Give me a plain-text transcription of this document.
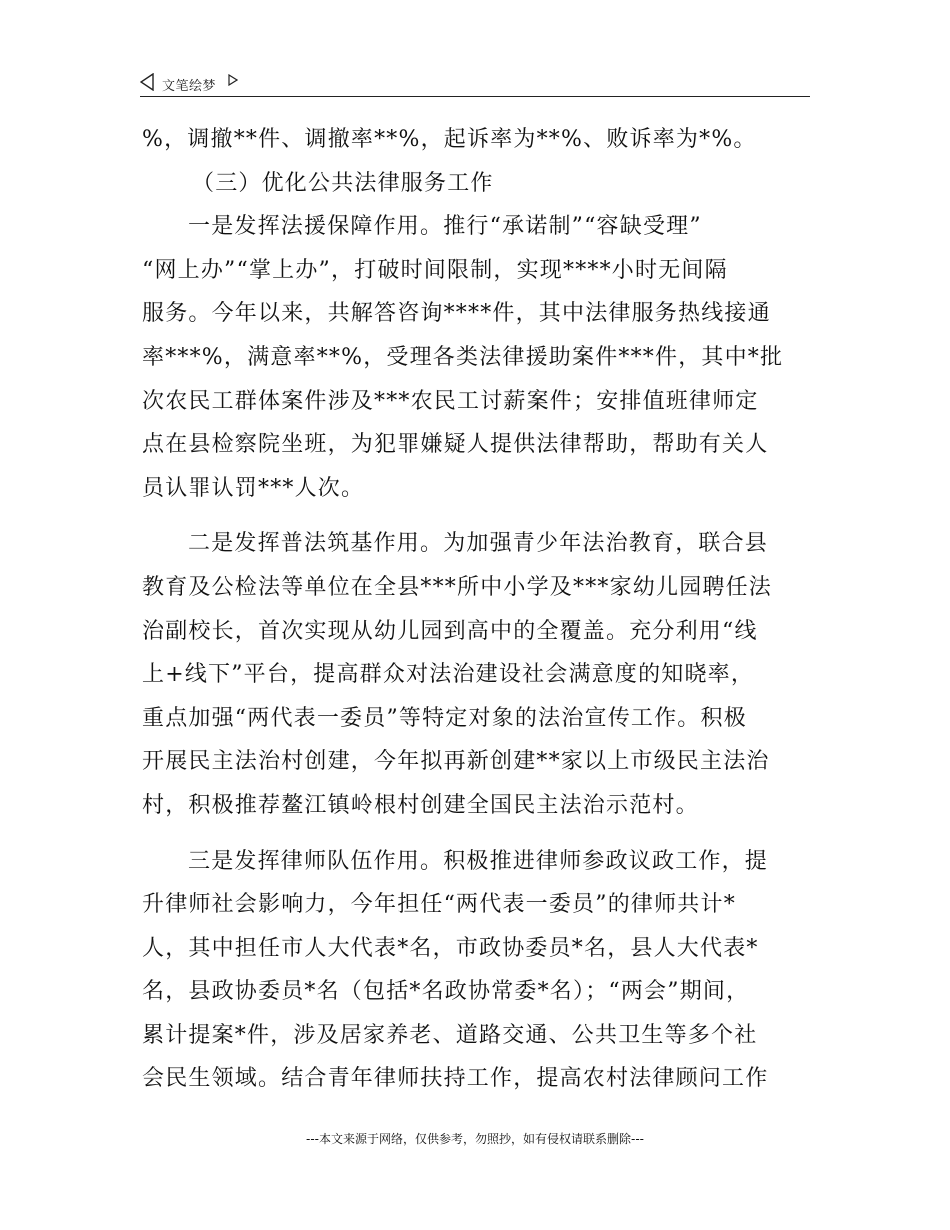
文笔绘梦
%，调撤**件、调撤率**%，起诉率为**%、败诉率为*%。
（三）优化公共法律服务工作
一是发挥法援保障作用。推行“承诺制”“容缺受理”
“网上办”“掌上办”，打破时间限制，实现****小时无间隔
服务。今年以来，共解答咨询****件，其中法律服务热线接通
率***%，满意率**%，受理各类法律援助案件***件，其中*批
次农民工群体案件涉及***农民工讨薪案件；安排值班律师定
点在县检察院坐班，为犯罪嫌疑人提供法律帮助，帮助有关人
员认罪认罚***人次。
二是发挥普法筑基作用。为加强青少年法治教育，联合县
教育及公检法等单位在全县***所中小学及***家幼儿园聘任法
治副校长，首次实现从幼儿园到高中的全覆盖。充分利用“线
上+线下”平台，提高群众对法治建设社会满意度的知晓率，
重点加强“两代表一委员”等特定对象的法治宣传工作。积极
开展民主法治村创建，今年拟再新创建**家以上市级民主法治
村，积极推荐鳌江镇岭根村创建全国民主法治示范村。
三是发挥律师队伍作用。积极推进律师参政议政工作，提
升律师社会影响力，今年担任“两代表一委员”的律师共计*
人，其中担任市人大代表*名，市政协委员*名，县人大代表*
名，县政协委员*名（包括*名政协常委*名）；“两会”期间，
累计提案*件，涉及居家养老、道路交通、公共卫生等多个社
会民生领域。结合青年律师扶持工作，提高农村法律顾问工作
---本文来源于网络，仅供参考，勿照抄，如有侵权请联系删除---
